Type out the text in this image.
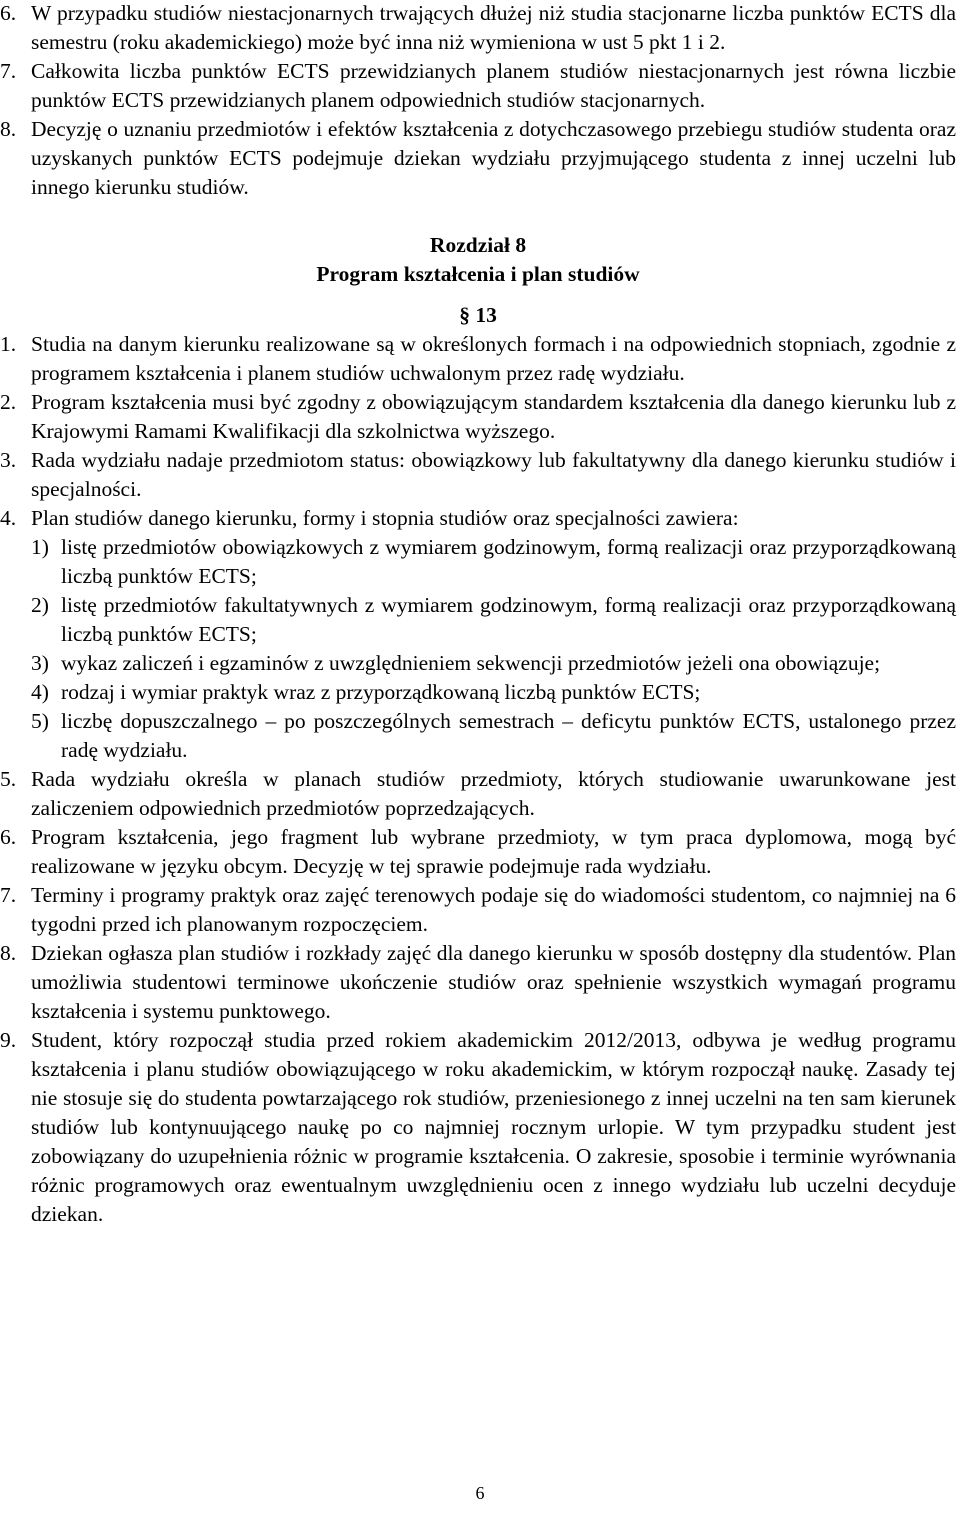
6. W przypadku studiów niestacjonarnych trwających dłużej niż studia stacjonarne liczba punktów ECTS dla semestru (roku akademickiego) może być inna niż wymieniona w ust 5 pkt 1 i 2.
7. Całkowita liczba punktów ECTS przewidzianych planem studiów niestacjonarnych jest równa liczbie punktów ECTS przewidzianych planem odpowiednich studiów stacjonarnych.
8. Decyzję o uznaniu przedmiotów i efektów kształcenia z dotychczasowego przebiegu studiów studenta oraz uzyskanych punktów ECTS podejmuje dziekan wydziału przyjmującego studenta z innej uczelni lub innego kierunku studiów.
Rozdział 8
Program kształcenia i plan studiów
§ 13
1. Studia na danym kierunku realizowane są w określonych formach i na odpowiednich stopniach, zgodnie z programem kształcenia i planem studiów uchwalonym przez radę wydziału.
2. Program kształcenia musi być zgodny z obowiązującym standardem kształcenia dla danego kierunku lub z Krajowymi Ramami Kwalifikacji dla szkolnictwa wyższego.
3. Rada wydziału nadaje przedmiotom status: obowiązkowy lub fakultatywny dla danego kierunku studiów i specjalności.
4. Plan studiów danego kierunku, formy i stopnia studiów oraz specjalności zawiera:
1) listę przedmiotów obowiązkowych z wymiarem godzinowym, formą realizacji oraz przyporządkowaną liczbą punktów ECTS;
2) listę przedmiotów fakultatywnych z wymiarem godzinowym, formą realizacji oraz przyporządkowaną liczbą punktów ECTS;
3) wykaz zaliczeń i egzaminów z uwzględnieniem sekwencji przedmiotów jeżeli ona obowiązuje;
4) rodzaj i wymiar praktyk wraz z przyporządkowaną liczbą punktów ECTS;
5) liczbę dopuszczalnego – po poszczególnych semestrach – deficytu punktów ECTS, ustalonego przez radę wydziału.
5. Rada wydziału określa w planach studiów przedmioty, których studiowanie uwarunkowane jest zaliczeniem odpowiednich przedmiotów poprzedzających.
6. Program kształcenia, jego fragment lub wybrane przedmioty, w tym praca dyplomowa, mogą być realizowane w języku obcym. Decyzję w tej sprawie podejmuje rada wydziału.
7. Terminy i programy praktyk oraz zajęć terenowych podaje się do wiadomości studentom, co najmniej na 6 tygodni przed ich planowanym rozpoczęciem.
8. Dziekan ogłasza plan studiów i rozkłady zajęć dla danego kierunku w sposób dostępny dla studentów. Plan umożliwia studentowi terminowe ukończenie studiów oraz spełnienie wszystkich wymagań programu kształcenia i systemu punktowego.
9. Student, który rozpoczął studia przed rokiem akademickim 2012/2013, odbywa je według programu kształcenia i planu studiów obowiązującego w roku akademickim, w którym rozpoczął naukę. Zasady tej nie stosuje się do studenta powtarzającego rok studiów, przeniesionego z innej uczelni na ten sam kierunek studiów lub kontynuującego naukę po co najmniej rocznym urlopie. W tym przypadku student jest zobowiązany do uzupełnienia różnic w programie kształcenia. O zakresie, sposobie i terminie wyrównania różnic programowych oraz ewentualnym uwzględnieniu ocen z innego wydziału lub uczelni decyduje dziekan.
6
